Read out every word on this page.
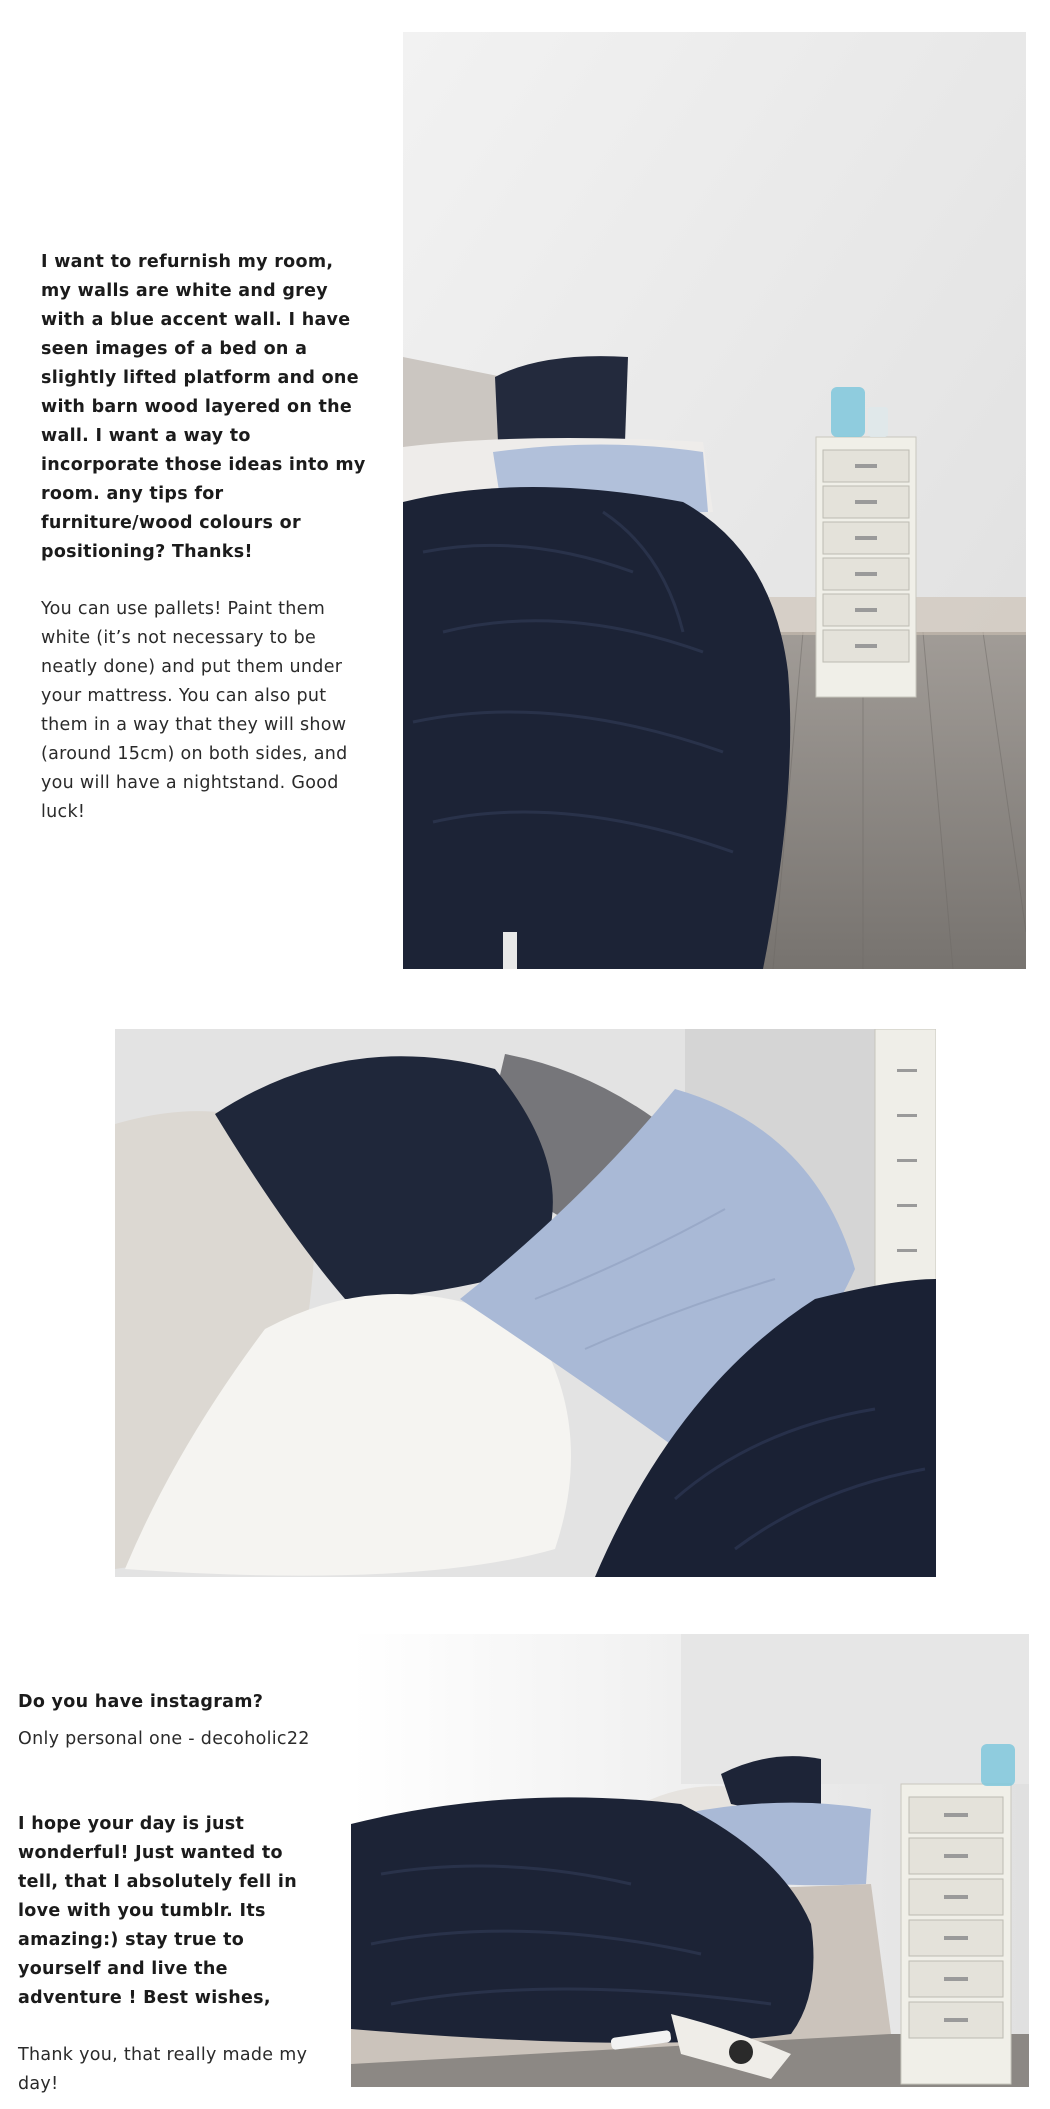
I want to refurnish my room, my walls are white and grey with a blue accent wall. I have seen images of a bed on a slightly lifted platform and one with barn wood layered on the wall. I want a way to incorporate those ideas into my room. any tips for furniture/wood colours or positioning? Thanks!

You can use pallets! Paint them white (it’s not necessary to be neatly done) and put them under your mattress. You can also put them in a way that they will show (around 15cm) on both sides, and you will have a nightstand. Good luck!

Do you have instagram?

Only personal one - decoholic22

I hope your day is just wonderful! Just wanted to tell, that I absolutely fell in love with you tumblr. Its amazing:) stay true to yourself and live the adventure ! Best wishes,

Thank you, that really made my day!
